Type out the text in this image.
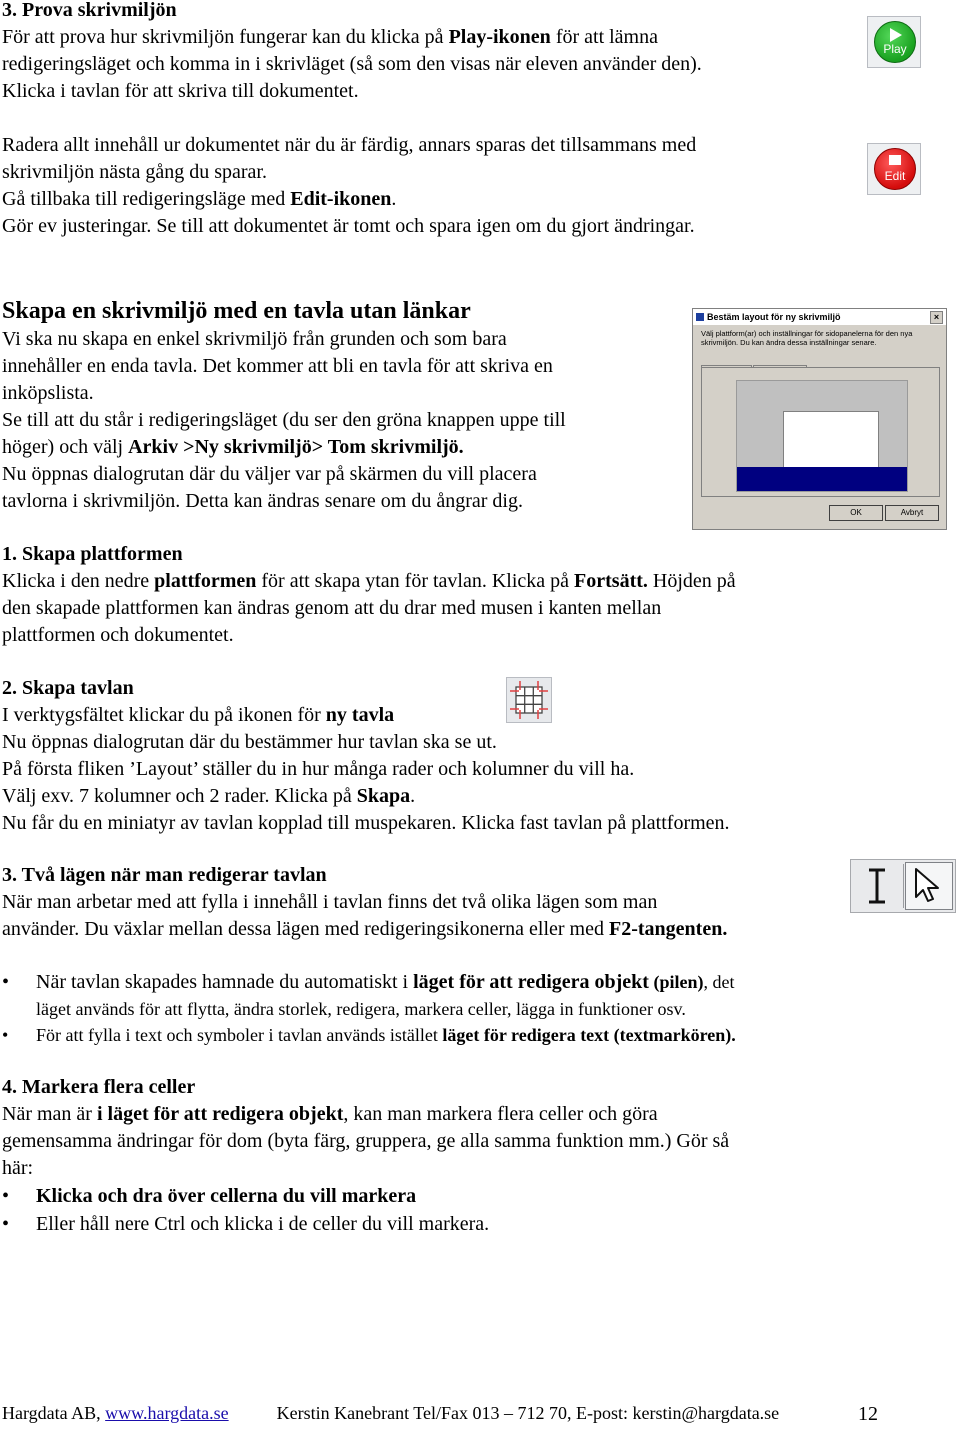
3. Prova skrivmiljön

För att prova hur skrivmiljön fungerar kan du klicka på Play-ikonen för att lämna

redigeringsläget och komma in i skrivläget (så som den visas när eleven använder den).

Klicka i tavlan för att skriva till dokumentet.

Radera allt innehåll ur dokumentet när du är färdig, annars sparas det tillsammans med

skrivmiljön nästa gång du sparar.

Gå tillbaka till redigeringsläge med Edit-ikonen.

Gör ev justeringar. Se till att dokumentet är tomt och spara igen om du gjort ändringar.

Play
Edit

Skapa en skrivmiljö med en tavla utan länkar

Vi ska nu skapa en enkel skrivmiljö från grunden och som bara

innehåller en enda tavla. Det kommer att bli en tavla för att skriva en

inköpslista.

Se till att du står i redigeringsläget (du ser den gröna knappen uppe till

höger) och välj Arkiv >Ny skrivmiljö> Tom skrivmiljö.

Nu öppnas dialogrutan där du väljer var på skärmen du vill placera

tavlorna i skrivmiljön. Detta kan ändras senare om du ångrar dig.

Bestäm layout för ny skrivmiljö	×
Välj plattform(ar) och inställningar för sidopanelerna för den nya
skrivmiljön. Du kan ändra dessa inställningar senare.
OK	Avbryt

1. Skapa plattformen

Klicka i den nedre plattformen för att skapa ytan för tavlan. Klicka på Fortsätt. Höjden på

den skapade plattformen kan ändras genom att du drar med musen i kanten mellan

plattformen och dokumentet.

2. Skapa tavlan

I verktygsfältet klickar du på ikonen för ny tavla

Nu öppnas dialogrutan där du bestämmer hur tavlan ska se ut.

På första fliken ’Layout’ ställer du in hur många rader och kolumner du vill ha.

Välj exv. 7 kolumner och 2 rader. Klicka på Skapa.

Nu får du en miniatyr av tavlan kopplad till muspekaren. Klicka fast tavlan på plattformen.

3. Två lägen när man redigerar tavlan

När man arbetar med att fylla i innehåll i tavlan finns det två olika lägen som man

använder. Du växlar mellan dessa lägen med redigeringsikonerna eller med F2-tangenten.

• När tavlan skapades hamnade du automatiskt i läget för att redigera objekt (pilen), det
läget används för att flytta, ändra storlek, redigera, markera celler, lägga in funktioner osv.
• För att fylla i text och symboler i tavlan används istället läget för redigera text (textmarkören).

4. Markera flera celler

När man är i läget för att redigera objekt, kan man markera flera celler och göra

gemensamma ändringar för dom (byta färg, gruppera, ge alla samma funktion mm.) Gör så

här:

• Klicka och dra över cellerna du vill markera
• Eller håll nere Ctrl och klicka i de celler du vill markera.
Hargdata AB, www.hargdata.se	Kerstin Kanebrant Tel/Fax 013 – 712 70, E-post: kerstin@hargdata.se	12
